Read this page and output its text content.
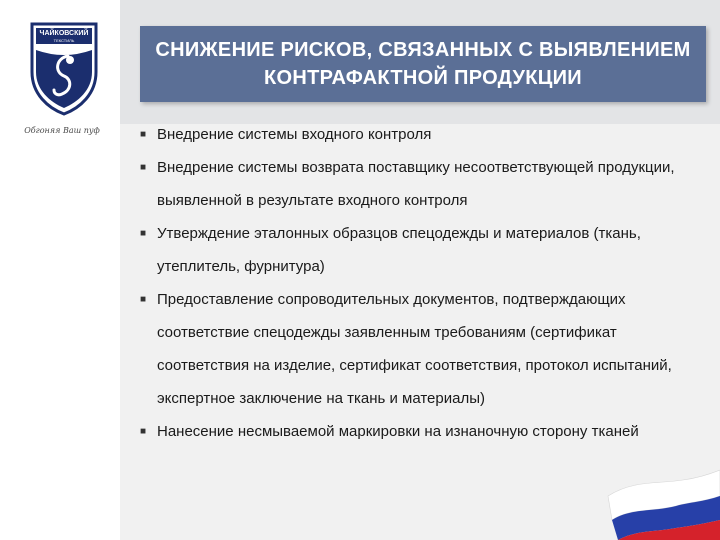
ЧАЙКОВСКИЙ
ТЕКСТИЛЬ
Обгоняя Ваш пуф
СНИЖЕНИЕ РИСКОВ, СВЯЗАННЫХ С ВЫЯВЛЕНИЕМ КОНТРАФАКТНОЙ ПРОДУКЦИИ
■ Внедрение системы входного контроля
■ Внедрение системы возврата поставщику несоответствующей продукции, выявленной в результате входного контроля
■ Утверждение эталонных образцов спецодежды и материалов (ткань, утеплитель, фурнитура)
■ Предоставление сопроводительных документов, подтверждающих соответствие спецодежды заявленным требованиям (сертификат соответствия на изделие, сертификат соответствия, протокол испытаний, экспертное заключение на ткань и материалы)
■ Нанесение несмываемой маркировки на изнаночную сторону тканей
